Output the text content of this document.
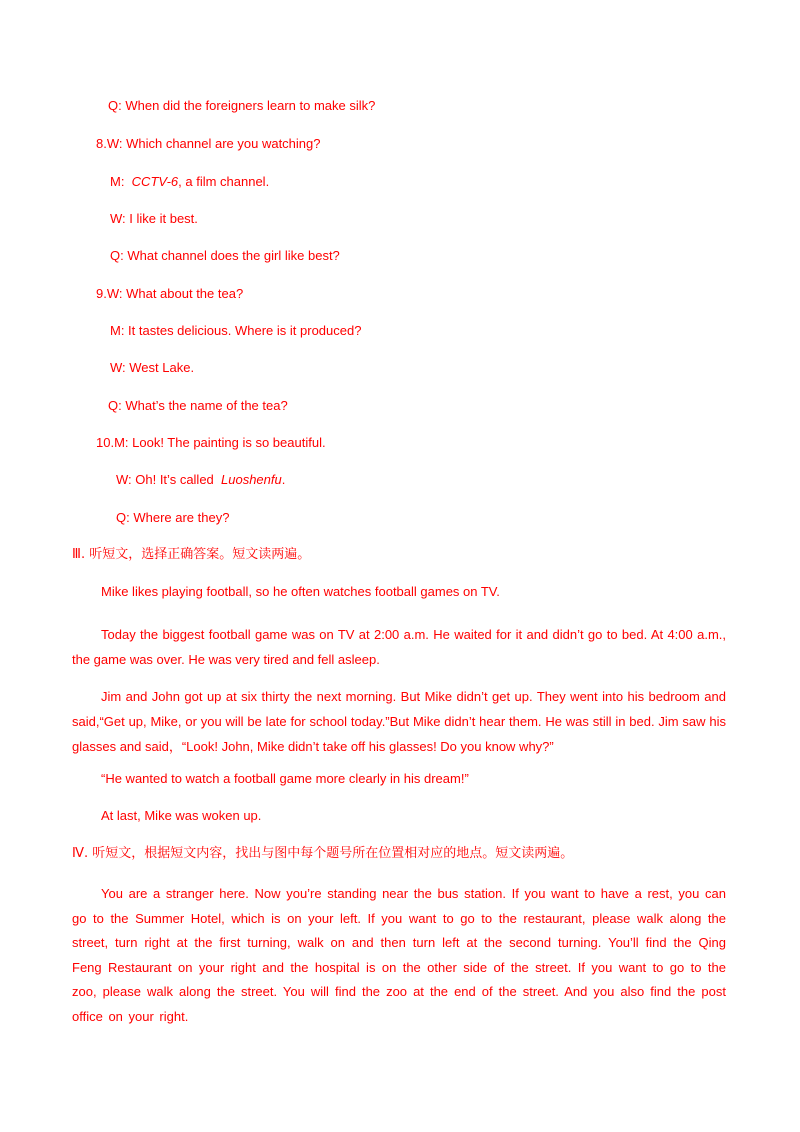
Q: When did the foreigners learn to make silk?
8.W: Which channel are you watching?
M:  CCTV-6, a film channel.
W: I like it best.
Q: What channel does the girl like best?
9.W: What about the tea?
M: It tastes delicious. Where is it produced?
W: West Lake.
Q: What’s the name of the tea?
10.M: Look! The painting is so beautiful.
W: Oh! It’s called  Luoshenfu.
Q: Where are they?
Ⅲ. 听短文，选择正确答案。短文读两遍。
Mike likes playing football, so he often watches football games on TV.

Today the biggest football game was on TV at 2:00 a.m. He waited for it and didn’t go to bed. At 4:00 a.m., the game was over. He was very tired and fell asleep.

Jim and John got up at six thirty the next morning. But Mike didn’t get up. They went into his bedroom and said,“Get up, Mike, or you will be late for school today.”But Mike didn’t hear them. He was still in bed. Jim saw his glasses and said，“Look! John, Mike didn’t take off his glasses! Do you know why?”

“He wanted to watch a football game more clearly in his dream!”
At last, Mike was woken up.
Ⅳ. 听短文，根据短文内容，找出与图中每个题号所在位置相对应的地点。短文读两遍。

You are a stranger here. Now you’re standing near the bus station. If you want to have a rest, you can go to the Summer Hotel, which is on your left. If you want to go to the restaurant, please walk along the street, turn right at the first turning, walk on and then turn left at the second turning. You’ll find the Qing Feng Restaurant on your right and the hospital is on the other side of the street. If you want to go to the zoo, please walk along the street. You will find the zoo at the end of the street. And you also find the post office on your right.
